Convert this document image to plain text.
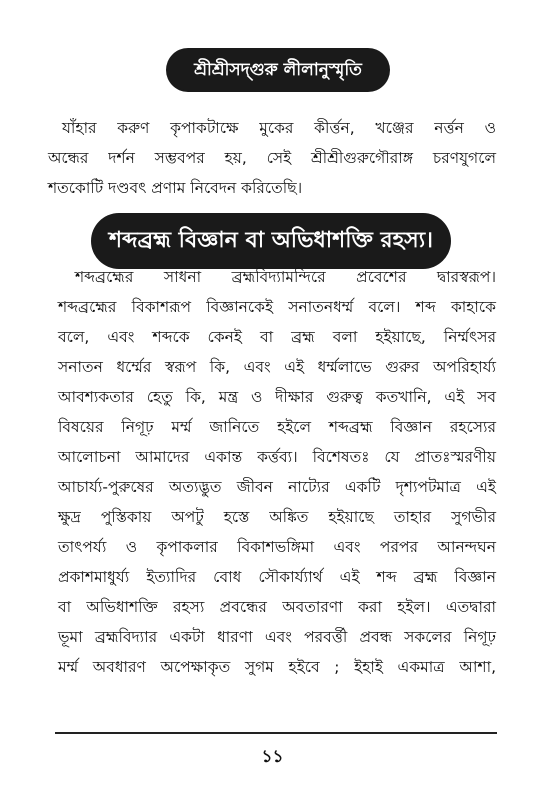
শ্রীশ্রীসদ্গুরু লীলানুস্মৃতি
যাঁহার করুণ কৃপাকটাক্ষে মুকের কীর্ত্তন, খঞ্জের নর্ত্তন ও
অন্ধের দর্শন সম্ভবপর হয়, সেই শ্রীশ্রীগুরুগৌরাঙ্গ চরণযুগলে
শতকোটি দণ্ডবৎ প্রণাম নিবেদন করিতেছি।
শব্দব্রহ্ম বিজ্ঞান বা অভিধাশক্তি রহস্য।
শব্দব্রহ্মের সাধনা ব্রহ্মবিদ্যামন্দিরে প্রবেশের দ্বারস্বরূপ।
শব্দব্রহ্মের বিকাশরূপ বিজ্ঞানকেই সনাতনধর্ম্ম বলে। শব্দ কাহাকে
বলে, এবং শব্দকে কেনই বা ব্রহ্ম বলা হইয়াছে, নির্ম্মৎসর
সনাতন ধর্ম্মের স্বরূপ কি, এবং এই ধর্ম্মলাভে গুরুর অপরিহার্য্য
আবশ্যকতার হেতু কি, মন্ত্র ও দীক্ষার গুরুত্ব কতখানি, এই সব
বিষয়ের নিগূঢ় মর্ম্ম জানিতে হইলে শব্দব্রহ্ম বিজ্ঞান রহস্যের
আলোচনা আমাদের একান্ত কর্ত্তব্য। বিশেষতঃ যে প্রাতঃস্মরণীয়
আচার্য্য-পুরুষের অত্যদ্ভুত জীবন নাট্যের একটি দৃশ্যপটমাত্র এই
ক্ষুদ্র পুস্তিকায় অপটু হস্তে অঙ্কিত হইয়াছে তাহার সুগভীর
তাৎপর্য্য ও কৃপাকলার বিকাশভঙ্গিমা এবং পরপর আনন্দঘন
প্রকাশমাধুর্য্য ইত্যাদির বোধ সৌকার্য্যার্থ এই শব্দ ব্রহ্ম বিজ্ঞান
বা অভিধাশক্তি রহস্য প্রবন্ধের অবতারণা করা হইল। এতদ্বারা
ভূমা ব্রহ্মবিদ্যার একটা ধারণা এবং পরবর্ত্তী প্রবন্ধ সকলের নিগূঢ়
মর্ম্ম অবধারণ অপেক্ষাকৃত সুগম হইবে ; ইহাই একমাত্র আশা,
১১
